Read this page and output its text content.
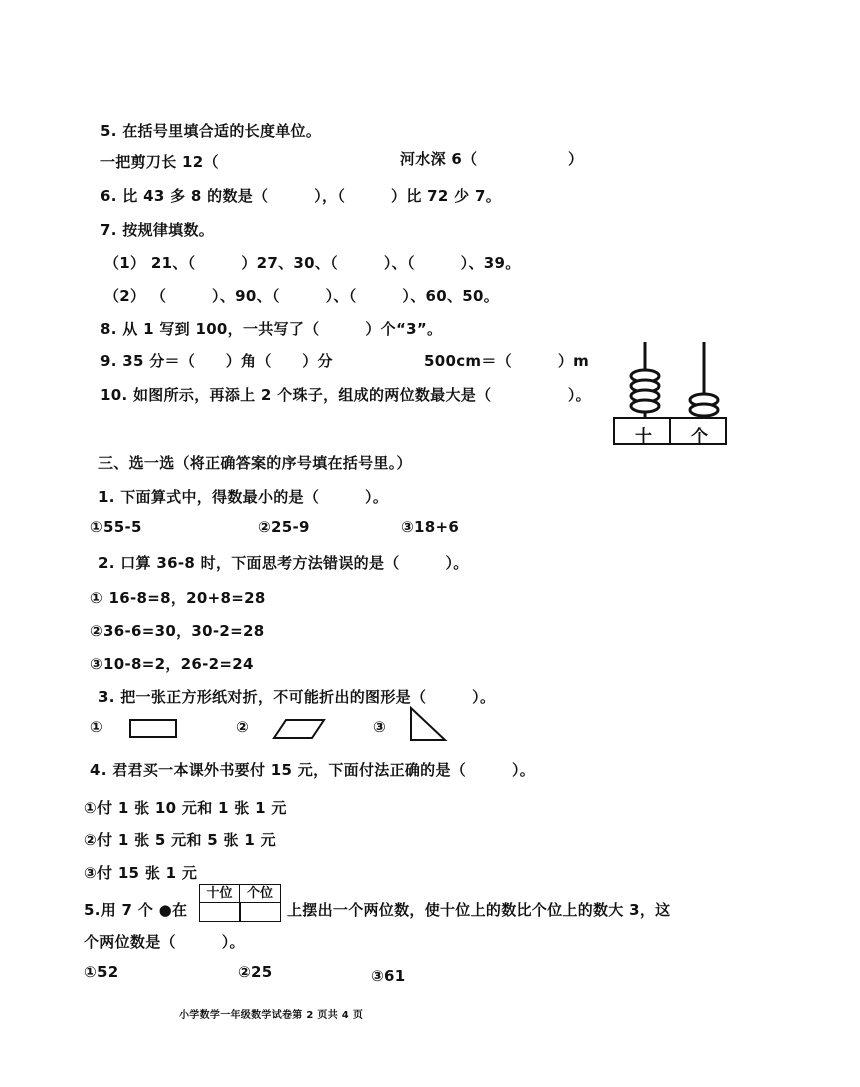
5. 在括号里填合适的长度单位。
一把剪刀长 12（	河水深 6（	）
6. 比 43 多 8 的数是（　　　），（　　　）比 72 少 7。
7. 按规律填数。
（1） 21、（　　　）27、30、（　　　）、（　　　）、39。
（2） （　　　）、90、（　　　）、（　　　）、60、50。
8. 从 1 写到 100，一共写了（　　　）个“3”。
9. 35 分＝（　　）角（　　）分	500cm＝（　　　）m
10. 如图所示，再添上 2 个珠子，组成的两位数最大是（　　　　　）。
十 个
三、选一选（将正确答案的序号填在括号里。）
1. 下面算式中，得数最小的是（　　　）。
①55-5	②25-9	③18+6
2. 口算 36-8 时，下面思考方法错误的是（　　　）。
① 16-8=8，20+8=28
②36-6=30，30-2=28
③10-8=2，26-2=24
3. 把一张正方形纸对折，不可能折出的图形是（　　　）。
①	②	③
4. 君君买一本课外书要付 15 元，下面付法正确的是（　　　）。
①付 1 张 10 元和 1 张 1 元
②付 1 张 5 元和 5 张 1 元
③付 15 张 1 元
5.用 7 个 ●在
十位	个位
上摆出一个两位数，使十位上的数比个位上的数大 3，这
个两位数是（　　　）。
①52	②25	③61
小学数学一年级数学试卷第 2 页共 4 页
